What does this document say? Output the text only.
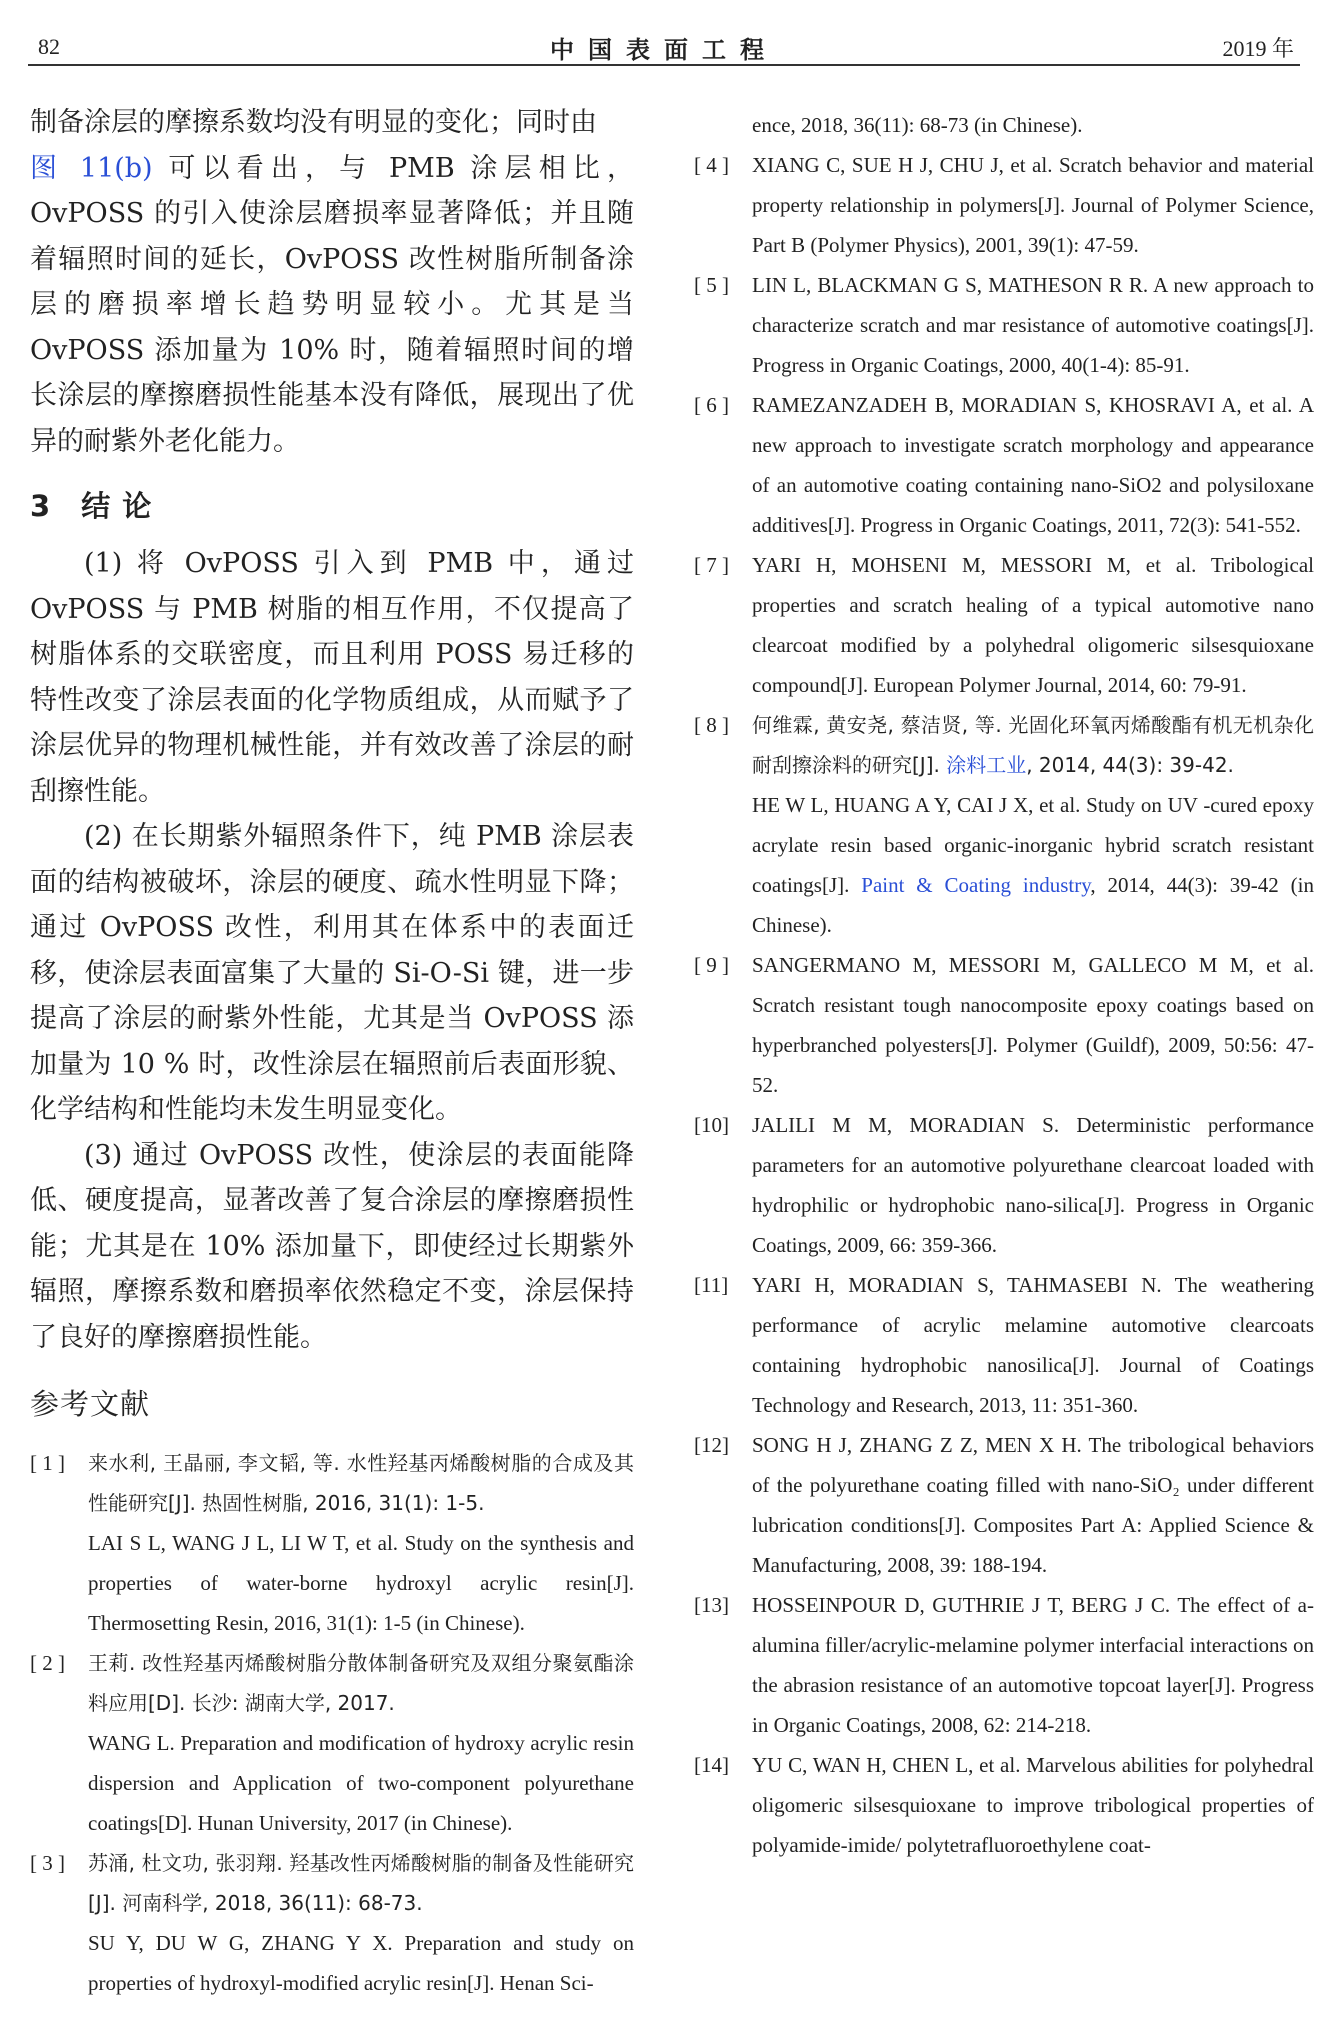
82	中国表面工程	2019 年

制备涂层的摩擦系数均没有明显的变化；同时由
图 11(b) 可以看出，与 PMB 涂层相比，OvPOSS 的引入使涂层磨损率显著降低；并且随着辐照时间的延长，OvPOSS 改性树脂所制备涂层的磨损率增长趋势明显较小。尤其是当 OvPOSS 添加量为 10% 时，随着辐照时间的增长涂层的摩擦磨损性能基本没有降低，展现出了优异的耐紫外老化能力。

3 结 论

(1) 将 OvPOSS 引入到 PMB 中，通过 OvPOSS 与 PMB 树脂的相互作用，不仅提高了树脂体系的交联密度，而且利用 POSS 易迁移的特性改变了涂层表面的化学物质组成，从而赋予了涂层优异的物理机械性能，并有效改善了涂层的耐刮擦性能。

(2) 在长期紫外辐照条件下，纯 PMB 涂层表面的结构被破坏，涂层的硬度、疏水性明显下降；通过 OvPOSS 改性，利用其在体系中的表面迁移，使涂层表面富集了大量的 Si-O-Si 键，进一步提高了涂层的耐紫外性能，尤其是当 OvPOSS 添加量为 10 % 时，改性涂层在辐照前后表面形貌、化学结构和性能均未发生明显变化。

(3) 通过 OvPOSS 改性，使涂层的表面能降低、硬度提高，显著改善了复合涂层的摩擦磨损性能；尤其是在 10% 添加量下，即使经过长期紫外辐照，摩擦系数和磨损率依然稳定不变，涂层保持了良好的摩擦磨损性能。

参考文献
[ 1 ]	来水利, 王晶丽, 李文韬, 等. 水性羟基丙烯酸树脂的合成及其性能研究[J]. 热固性树脂, 2016, 31(1): 1-5.
LAI S L, WANG J L, LI W T, et al. Study on the synthesis and properties of water-borne hydroxyl acrylic resin[J]. Thermosetting Resin, 2016, 31(1): 1-5 (in Chinese).
[ 2 ]	王莉. 改性羟基丙烯酸树脂分散体制备研究及双组分聚氨酯涂料应用[D]. 长沙: 湖南大学, 2017.
WANG L. Preparation and modification of hydroxy acrylic resin dispersion and Application of two-component polyurethane coatings[D]. Hunan University, 2017 (in Chinese).
[ 3 ]	苏涌, 杜文功, 张羽翔. 羟基改性丙烯酸树脂的制备及性能研究[J]. 河南科学, 2018, 36(11): 68-73.
SU Y, DU W G, ZHANG Y X. Preparation and study on properties of hydroxyl-modified acrylic resin[J]. Henan Sci-
ence, 2018, 36(11): 68-73 (in Chinese).
[ 4 ]	XIANG C, SUE H J, CHU J, et al. Scratch behavior and material property relationship in polymers[J]. Journal of Polymer Science, Part B (Polymer Physics), 2001, 39(1): 47-59.
[ 5 ]	LIN L, BLACKMAN G S, MATHESON R R. A new approach to characterize scratch and mar resistance of automotive coatings[J]. Progress in Organic Coatings, 2000, 40(1-4): 85-91.
[ 6 ]	RAMEZANZADEH B, MORADIAN S, KHOSRAVI A, et al. A new approach to investigate scratch morphology and appearance of an automotive coating containing nano-SiO2 and polysiloxane additives[J]. Progress in Organic Coatings, 2011, 72(3): 541-552.
[ 7 ]	YARI H, MOHSENI M, MESSORI M, et al. Tribological properties and scratch healing of a typical automotive nano clearcoat modified by a polyhedral oligomeric silsesquioxane compound[J]. European Polymer Journal, 2014, 60: 79-91.
[ 8 ]	何维霖, 黄安尧, 蔡洁贤, 等. 光固化环氧丙烯酸酯有机无机杂化耐刮擦涂料的研究[J]. 涂料工业, 2014, 44(3): 39-42.
HE W L, HUANG A Y, CAI J X, et al. Study on UV -cured epoxy acrylate resin based organic-inorganic hybrid scratch resistant coatings[J]. Paint & Coating industry, 2014, 44(3): 39-42 (in Chinese).
[ 9 ]	SANGERMANO M, MESSORI M, GALLECO M M, et al. Scratch resistant tough nanocomposite epoxy coatings based on hyperbranched polyesters[J]. Polymer (Guildf), 2009, 50:56: 47-52.
[10]	JALILI M M, MORADIAN S. Deterministic performance parameters for an automotive polyurethane clearcoat loaded with hydrophilic or hydrophobic nano-silica[J]. Progress in Organic Coatings, 2009, 66: 359-366.
[11]	YARI H, MORADIAN S, TAHMASEBI N. The weathering performance of acrylic melamine automotive clearcoats containing hydrophobic nanosilica[J]. Journal of Coatings Technology and Research, 2013, 11: 351-360.
[12]	SONG H J, ZHANG Z Z, MEN X H. The tribological behaviors of the polyurethane coating filled with nano-SiO₂ under different lubrication conditions[J]. Composites Part A: Applied Science & Manufacturing, 2008, 39: 188-194.
[13]	HOSSEINPOUR D, GUTHRIE J T, BERG J C. The effect of a-alumina filler/acrylic-melamine polymer interfacial interactions on the abrasion resistance of an automotive topcoat layer[J]. Progress in Organic Coatings, 2008, 62: 214-218.
[14]	YU C, WAN H, CHEN L, et al. Marvelous abilities for polyhedral oligomeric silsesquioxane to improve tribological properties of polyamide-imide/ polytetrafluoroethylene coat-
